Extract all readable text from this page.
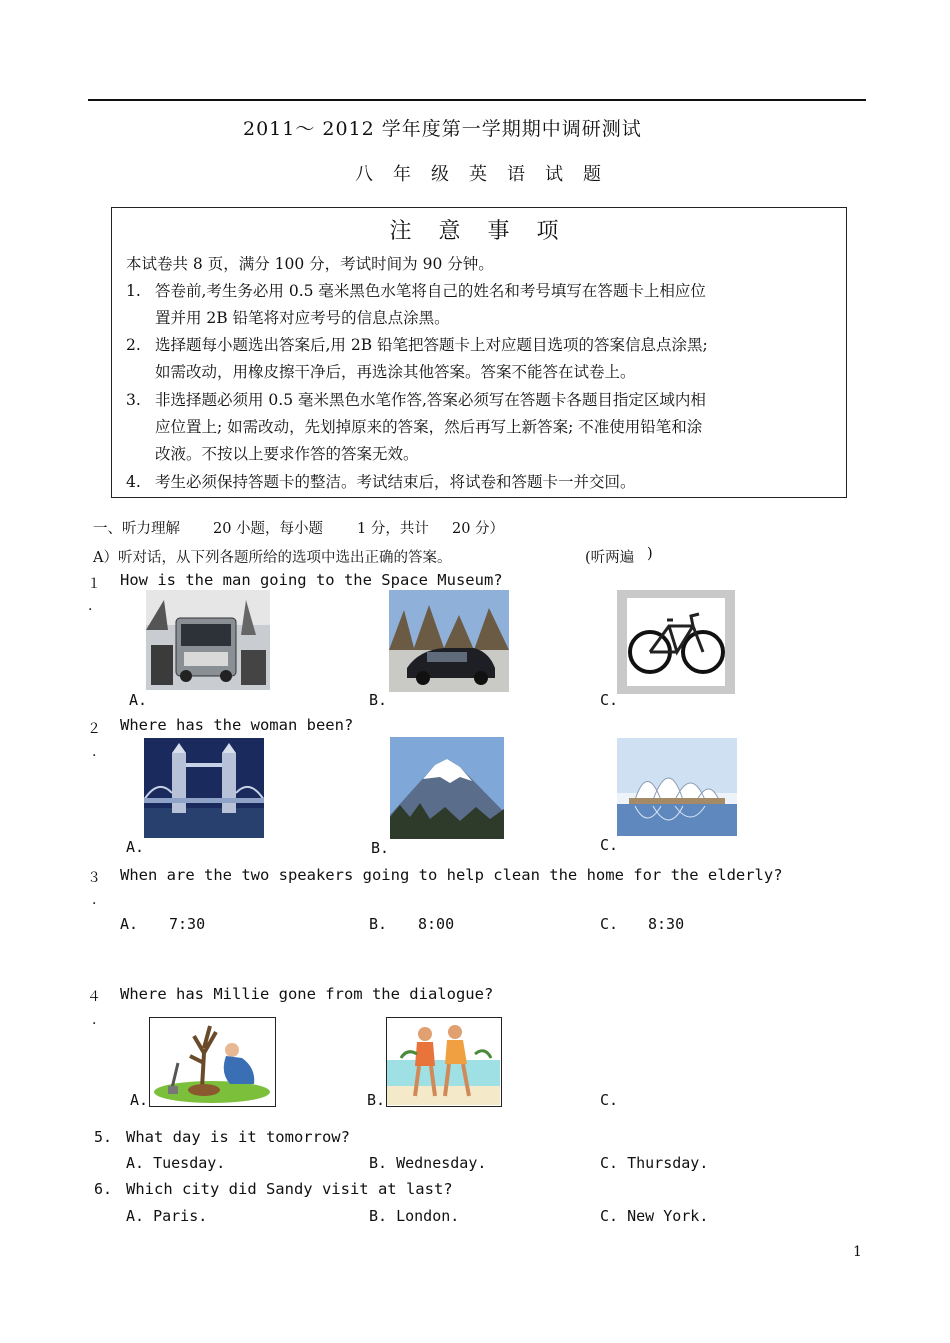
2011～ 2012 学年度第一学期期中调研测试
八 年 级 英 语 试 题
注 意 事 项
本试卷共 8 页，满分 100 分，考试时间为 90 分钟。
1. 答卷前,考生务必用 0.5 毫米黑色水笔将自己的姓名和考号填写在答题卡上相应位
置并用 2B 铅笔将对应考号的信息点涂黑。
2. 选择题每小题选出答案后,用 2B 铅笔把答题卡上对应题目选项的答案信息点涂黑;
如需改动，用橡皮擦干净后，再选涂其他答案。答案不能答在试卷上。
3. 非选择题必须用 0.5 毫米黑色水笔作答,答案必须写在答题卡各题目指定区域内相
应位置上; 如需改动，先划掉原来的答案，然后再写上新答案; 不准使用铅笔和涂
改液。不按以上要求作答的答案无效。
4. 考生必须保持答题卡的整洁。考试结束后，将试卷和答题卡一并交回。
一、听力理解 20 小题，每小题 1 分，共计 20 分）
A）听对话，从下列各题所给的选项中选出正确的答案。	(听两遍 )
１
.
How is the man going to the Space Museum?
A.	B.	C.
２
.
Where has the woman been?
A.	B.	C.
３
.
When are the two speakers going to help clean the home for the elderly?
A. 7:30	B. 8:00	C. 8:30
４
.
Where has Millie gone from the dialogue?
A.	B.	C.
5. What day is it tomorrow?
A. Tuesday.	B. Wednesday.	C. Thursday.
6. Which city did Sandy visit at last?
A. Paris.	B. London.	C. New York.
1
